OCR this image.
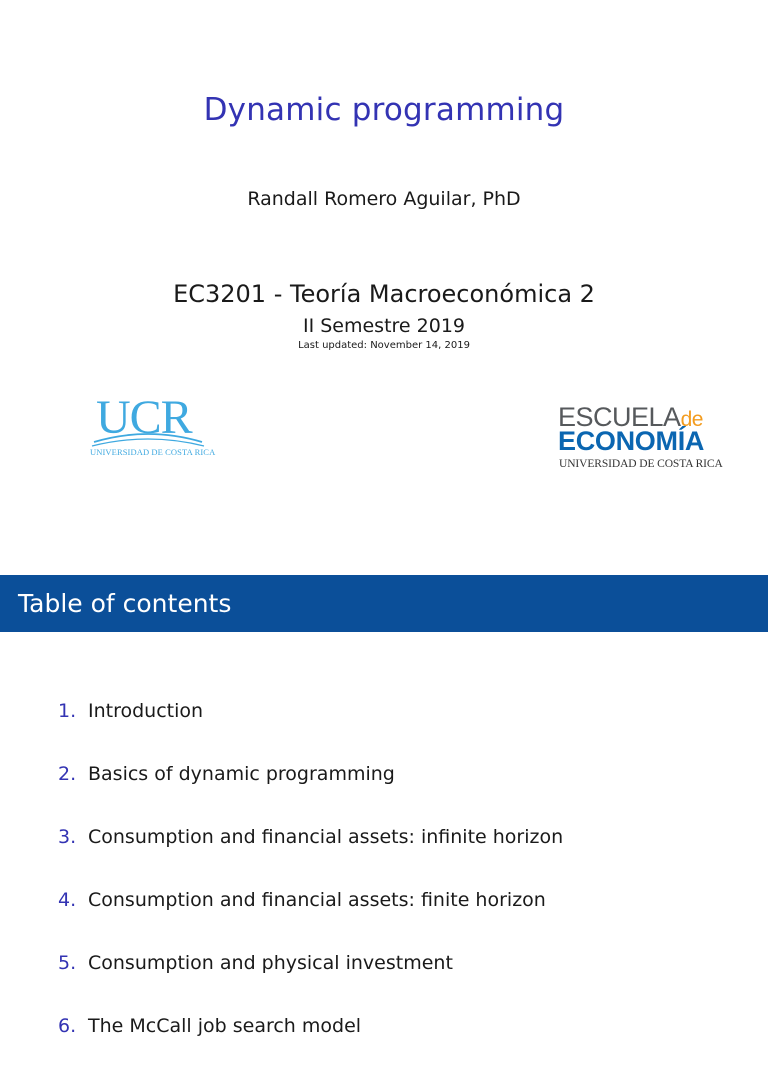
Dynamic programming
Randall Romero Aguilar, PhD
EC3201 - Teoría Macroeconómica 2
II Semestre 2019
Last updated: November 14, 2019
UCR
UNIVERSIDAD DE COSTA RICA
ESCUELAde
ECONOMÍA
UNIVERSIDAD DE COSTA RICA
Table of contents
1. Introduction
2. Basics of dynamic programming
3. Consumption and financial assets: infinite horizon
4. Consumption and financial assets: finite horizon
5. Consumption and physical investment
6. The McCall job search model
